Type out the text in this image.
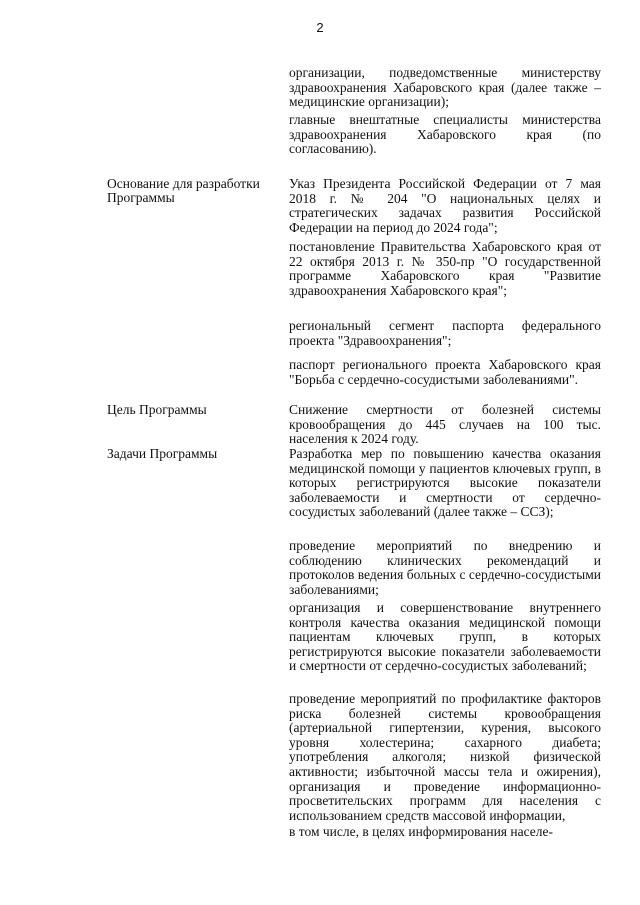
2
организации, подведомственные министерству здравоохранения Хабаровского края (далее также – медицинские организации);
главные внештатные специалисты министерства здравоохранения Хабаровского края (по согласованию).
Основание для разработки Программы
Указ Президента Российской Федерации от 7 мая 2018 г. № 204 "О национальных целях и стратегических задачах развития Российской Федерации на период до 2024 года";
постановление Правительства Хабаровского края от 22 октября 2013 г. № 350-пр "О государственной программе Хабаровского края "Развитие здравоохранения Хабаровского края";
региональный сегмент паспорта федерального проекта "Здравоохранения";
паспорт регионального проекта Хабаровского края "Борьба с сердечно-сосудистыми заболеваниями".
Цель Программы	Снижение смертности от болезней системы кровообращения до 445 случаев на 100 тыс. населения к 2024 году.
Задачи Программы	Разработка мер по повышению качества оказания медицинской помощи у пациентов ключевых групп, в которых регистрируются высокие показатели заболеваемости и смертности от сердечно-сосудистых заболеваний (далее также – ССЗ);
проведение мероприятий по внедрению и соблюдению клинических рекомендаций и протоколов ведения больных с сердечно-сосудистыми заболеваниями;
организация и совершенствование внутреннего контроля качества оказания медицинской помощи пациентам ключевых групп, в которых регистрируются высокие показатели заболеваемости и смертности от сердечно-сосудистых заболеваний;
проведение мероприятий по профилактике факторов риска болезней системы кровообращения (артериальной гипертензии, курения, высокого уровня холестерина; сахарного диабета; употребления алкоголя; низкой физической активности; избыточной массы тела и ожирения), организация и проведение информационно-просветительских программ для населения с использованием средств массовой информации,
в том числе, в целях информирования населе-
